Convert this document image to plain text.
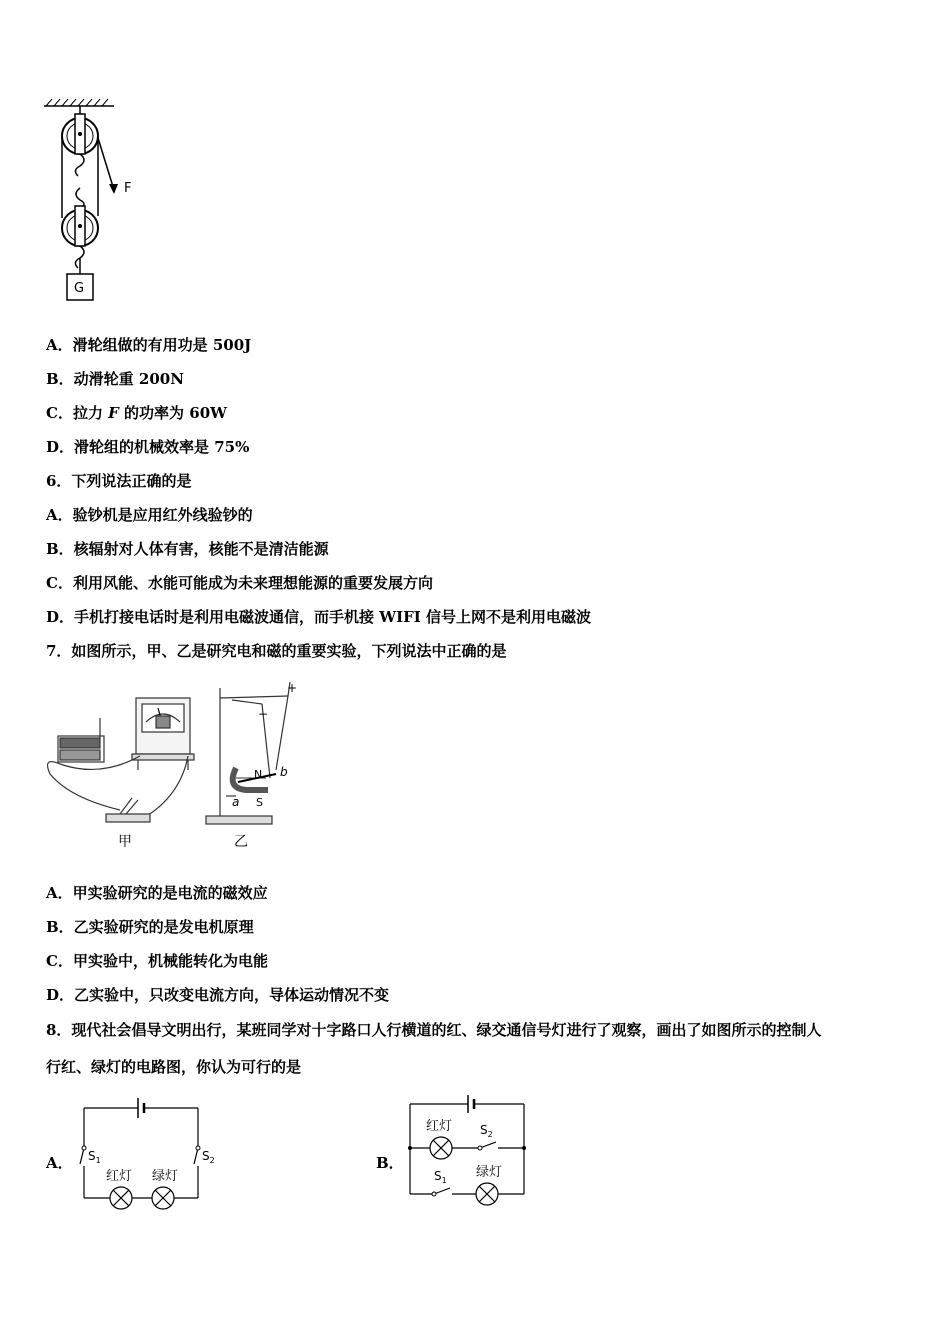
F
G
A．滑轮组做的有用功是 500J
B．动滑轮重 200N
C．拉力 F 的功率为 60W
D．滑轮组的机械效率是 75%
6．下列说法正确的是
A．验钞机是应用红外线验钞的
B．核辐射对人体有害，核能不是清洁能源
C．利用风能、水能可能成为未来理想能源的重要发展方向
D．手机打接电话时是利用电磁波通信，而手机接 WIFI 信号上网不是利用电磁波
7．如图所示，甲、乙是研究电和磁的重要实验，下列说法中正确的是
甲
+
−
N
S
a
b
乙
A．甲实验研究的是电流的磁效应
B．乙实验研究的是发电机原理
C．甲实验中，机械能转化为电能
D．乙实验中，只改变电流方向，导体运动情况不变
8．现代社会倡导文明出行，某班同学对十字路口人行横道的红、绿交通信号灯进行了观察，画出了如图所示的控制人
行红、绿灯的电路图，你认为可行的是
A． $S_1$	$S_2$
红灯 绿灯
B．
红灯 $S_2$
$S_1$
绿灯
